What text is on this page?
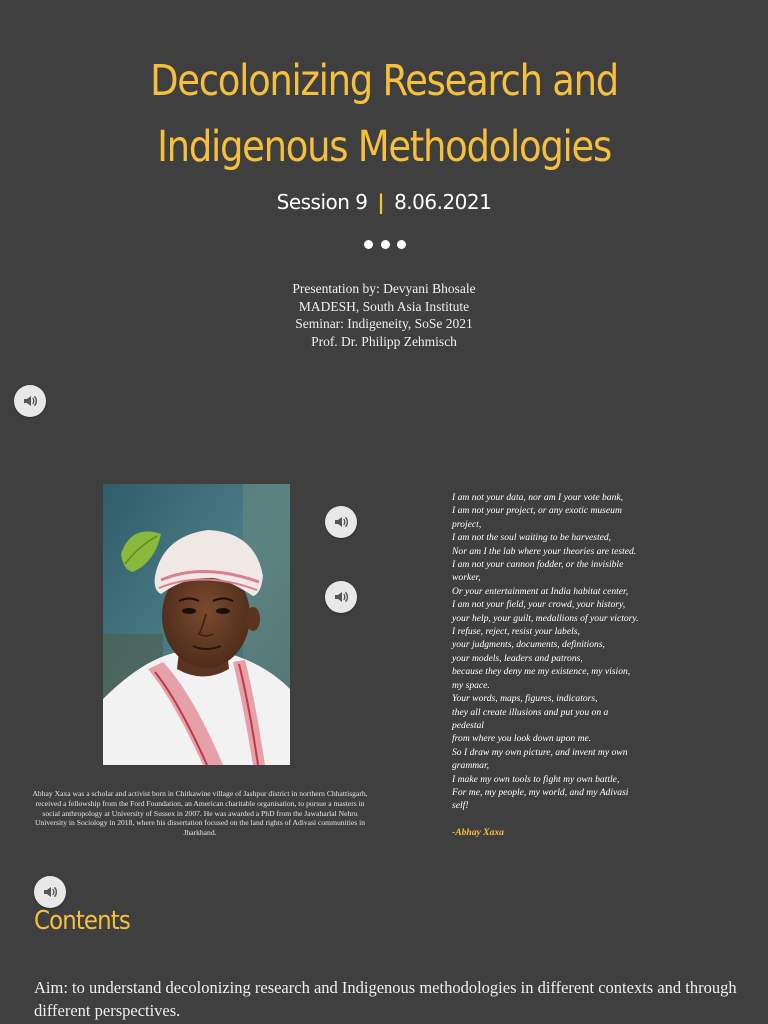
Decolonizing Research and
Indigenous Methodologies
Session 9 | 8.06.2021
Presentation by: Devyani Bhosale
MADESH, South Asia Institute
Seminar: Indigeneity, SoSe 2021
Prof. Dr. Philipp Zehmisch
Abhay Xaxa was a scholar and activist born in Chitkawine village of Jashpur district in northern Chhattisgarh, received a fellowship from the Ford Foundation, an American charitable organisation, to pursue a masters in social anthropology at University of Sussex in 2007. He was awarded a PhD from the Jawaharlal Nehru University in Sociology in 2018, where his dissertation focused on the land rights of Adivasi communities in Jharkhand.
I am not your data, nor am I your vote bank,
I am not your project, or any exotic museum
project,
I am not the soul waiting to be harvested,
Nor am I the lab where your theories are tested.
I am not your cannon fodder, or the invisible
worker,
Or your entertainment at India habitat center,
I am not your field, your crowd, your history,
your help, your guilt, medallions of your victory.
I refuse, reject, resist your labels,
your judgments, documents, definitions,
your models, leaders and patrons,
because they deny me my existence, my vision,
my space.
Your words, maps, figures, indicators,
they all create illusions and put you on a
pedestal
from where you look down upon me.
So I draw my own picture, and invent my own
grammar,
I make my own tools to fight my own battle,
For me, my people, my world, and my Adivasi
self!
-Abhay Xaxa
Contents
Aim: to understand decolonizing research and Indigenous methodologies in different contexts and through different perspectives.
